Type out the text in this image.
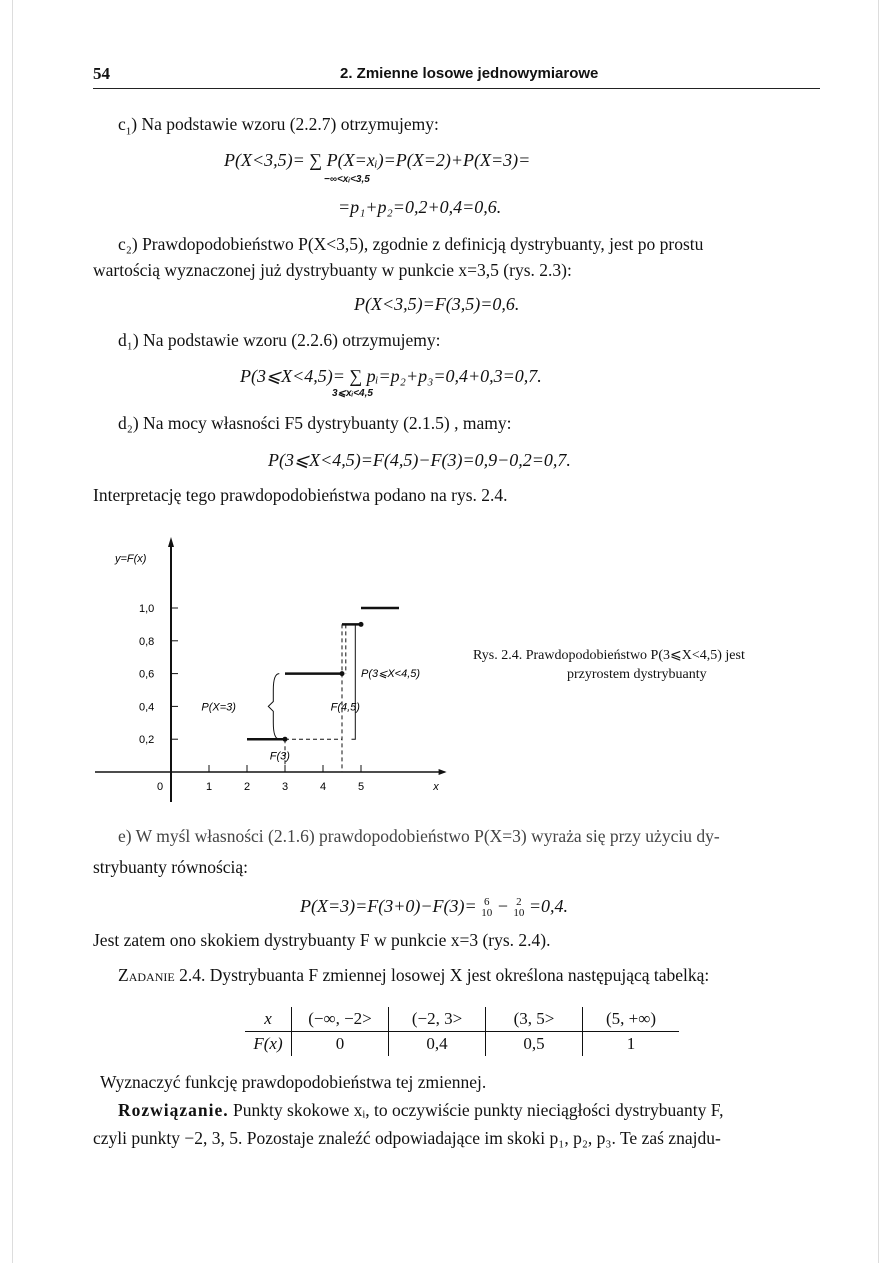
54	2. Zmienne losowe jednowymiarowe
$c_1$) Na podstawie wzoru (2.2.7) otrzymujemy:
P(X<3,5)= ∑ P(X=xᵢ)=P(X=2)+P(X=3)=
−∞<xᵢ<3,5
=p₁+p₂=0,2+0,4=0,6.
c₂) Prawdopodobieństwo P(X<3,5), zgodnie z definicją dystrybuanty, jest po prostu
wartością wyznaczonej już dystrybuanty w punkcie x=3,5 (rys. 2.3):
P(X<3,5)=F(3,5)=0,6.
d₁) Na podstawie wzoru (2.2.6) otrzymujemy:
P(3⩽X<4,5)= ∑ pᵢ=p₂+p₃=0,4+0,3=0,7.
3⩽xᵢ<4,5
d₂) Na mocy własności F5 dystrybuanty (2.1.5) , mamy:
P(3⩽X<4,5)=F(4,5)−F(3)=0,9−0,2=0,7.
Interpretację tego prawdopodobieństwa podano na rys. 2.4.
1,0
0,8
0,6
0,4
0,2
0	1	2	3	4	5	x
y=F(x)
P(X=3)	F(4,5)
P(3⩽X<4,5)
F(3)
Rys. 2.4. Prawdopodobieństwo P(3⩽X<4,5) jest
przyrostem dystrybuanty
e) W myśl własności (2.1.6) prawdopodobieństwo P(X=3) wyraża się przy użyciu dy-
strybuanty równością:
P(X=3)=F(3+0)−F(3)= 6
10 − 2
10 =0,4.
Jest zatem ono skokiem dystrybuanty F w punkcie x=3 (rys. 2.4).
Zadanie 2.4. Dystrybuanta F zmiennej losowej X jest określona następującą tabelką:
x	(−∞, −2>	(−2, 3>	(3, 5>	(5, +∞)
F(x)	0	0,4	0,5	1
Wyznaczyć funkcję prawdopodobieństwa tej zmiennej.
Rozwiązanie. Punkty skokowe xᵢ, to oczywiście punkty nieciągłości dystrybuanty F,
czyli punkty −2, 3, 5. Pozostaje znaleźć odpowiadające im skoki p₁, p₂, p₃. Te zaś znajdu-
